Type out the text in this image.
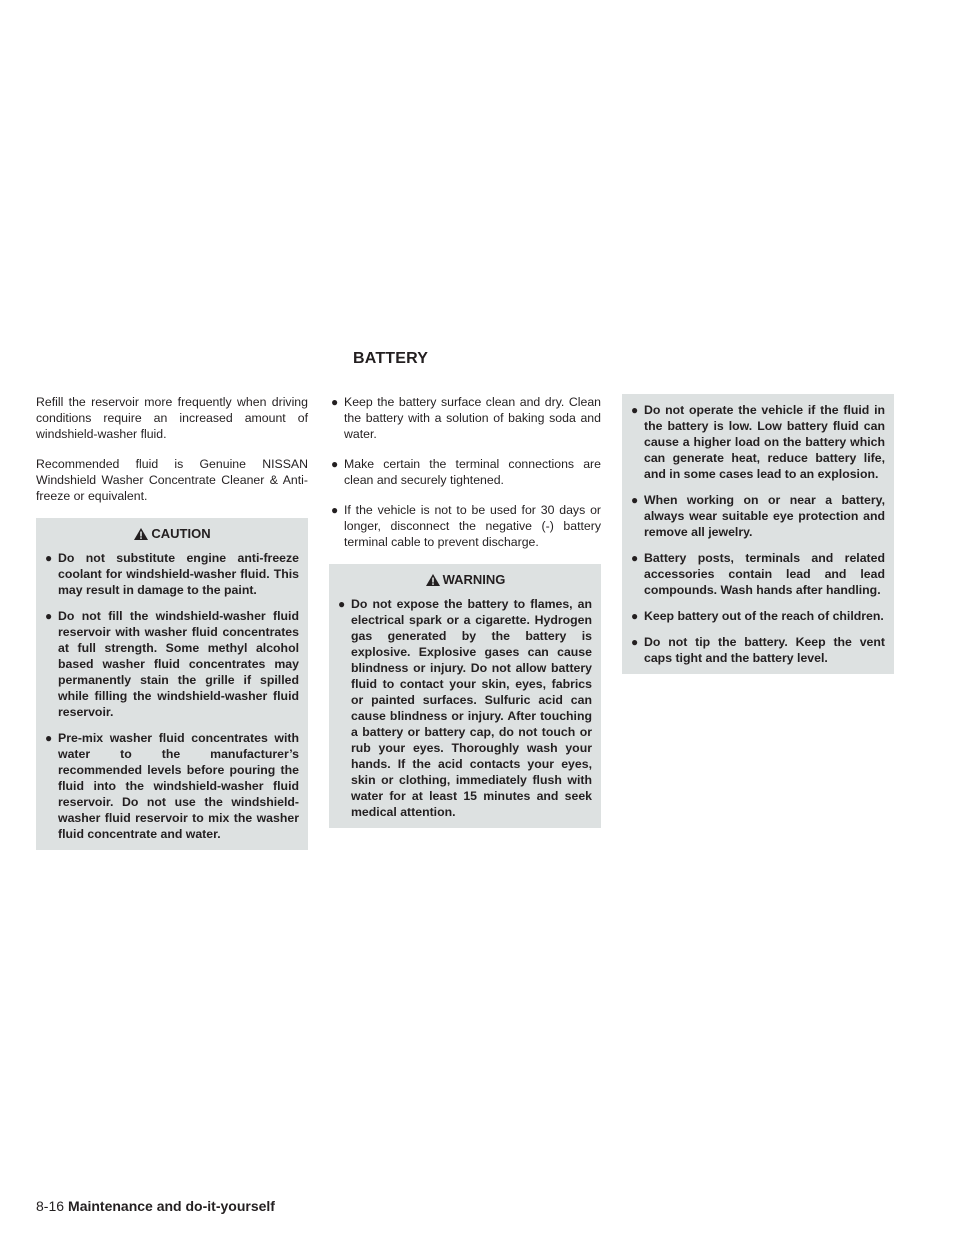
BATTERY

Refill the reservoir more frequently when driving conditions require an increased amount of windshield-washer fluid.

Recommended fluid is Genuine NISSAN Windshield Washer Concentrate Cleaner & Anti-freeze or equivalent.

CAUTION
● Do not substitute engine anti-freeze coolant for windshield-washer fluid. This may result in damage to the paint.
● Do not fill the windshield-washer fluid reservoir with washer fluid concentrates at full strength. Some methyl alcohol based washer fluid concentrates may permanently stain the grille if spilled while filling the windshield-washer fluid reservoir.
● Pre-mix washer fluid concentrates with water to the manufacturer’s recommended levels before pouring the fluid into the windshield-washer fluid reservoir. Do not use the windshield-washer fluid reservoir to mix the washer fluid concentrate and water.
● Keep the battery surface clean and dry. Clean the battery with a solution of baking soda and water.
● Make certain the terminal connections are clean and securely tightened.
● If the vehicle is not to be used for 30 days or longer, disconnect the negative (-) battery terminal cable to prevent discharge.
WARNING
● Do not expose the battery to flames, an electrical spark or a cigarette. Hydrogen gas generated by the battery is explosive. Explosive gases can cause blindness or injury. Do not allow battery fluid to contact your skin, eyes, fabrics or painted surfaces. Sulfuric acid can cause blindness or injury. After touching a battery or battery cap, do not touch or rub your eyes. Thoroughly wash your hands. If the acid contacts your eyes, skin or clothing, immediately flush with water for at least 15 minutes and seek medical attention.
● Do not operate the vehicle if the fluid in the battery is low. Low battery fluid can cause a higher load on the battery which can generate heat, reduce battery life, and in some cases lead to an explosion.
● When working on or near a battery, always wear suitable eye protection and remove all jewelry.
● Battery posts, terminals and related accessories contain lead and lead compounds. Wash hands after handling.
● Keep battery out of the reach of children.
● Do not tip the battery. Keep the vent caps tight and the battery level.
8-16 Maintenance and do-it-yourself
